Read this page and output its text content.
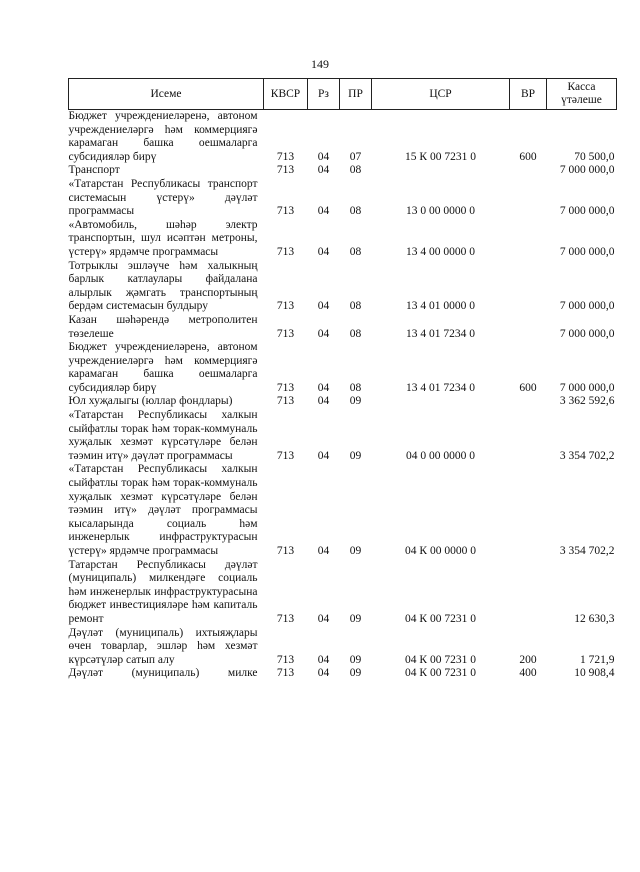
149
Исеме	КВСР	Рз	ПР	ЦСР	ВР	Касса үтәлеше
Бюджет учреждениеләренә, автоном учреждениеләргә һәм коммерциягә карамаган башка оешмаларга субсидияләр бирү	713	04	07	15 К 00 7231 0	600	70 500,0
Транспорт	713	04	08			7 000 000,0
«Татарстан Республикасы транспорт системасын үстерү» дәүләт программасы	713	04	08	13 0 00 0000 0		7 000 000,0
«Автомобиль, шәһәр электр транспортын, шул исәптән метроны, үстерү» ярдәмче программасы	713	04	08	13 4 00 0000 0		7 000 000,0
Тотрыклы эшләүче һәм халыкның барлык катлаулары файдалана алырлык җәмгать транспортының бердәм системасын булдыру	713	04	08	13 4 01 0000 0		7 000 000,0
Казан шәһәрендә метрополитен төзелеше	713	04	08	13 4 01 7234 0		7 000 000,0
Бюджет учреждениеләренә, автоном учреждениеләргә һәм коммерциягә карамаган башка оешмаларга субсидияләр бирү	713	04	08	13 4 01 7234 0	600	7 000 000,0
Юл хуҗалыгы (юллар фондлары)	713	04	09			3 362 592,6
«Татарстан Республикасы халкын сыйфатлы торак һәм торак-коммуналь хуҗалык хезмәт күрсәтүләре белән тәэмин итү» дәүләт программасы	713	04	09	04 0 00 0000 0		3 354 702,2
«Татарстан Республикасы халкын сыйфатлы торак һәм торак-коммуналь хуҗалык хезмәт күрсәтүләре белән тәэмин итү» дәүләт программасы кысаларында социаль һәм инженерлык инфраструктурасын үстерү» ярдәмче программасы	713	04	09	04 К 00 0000 0		3 354 702,2
Татарстан Республикасы дәүләт (муниципаль) милкендәге социаль һәм инженерлык инфраструктурасына бюджет инвестицияләре һәм капиталь ремонт	713	04	09	04 К 00 7231 0		12 630,3
Дәүләт (муниципаль) ихтыяҗлары өчен товарлар, эшләр һәм хезмәт күрсәтүләр сатып алу	713	04	09	04 К 00 7231 0	200	1 721,9
Дәүләт (муниципаль) милке	713	04	09	04 К 00 7231 0	400	10 908,4
